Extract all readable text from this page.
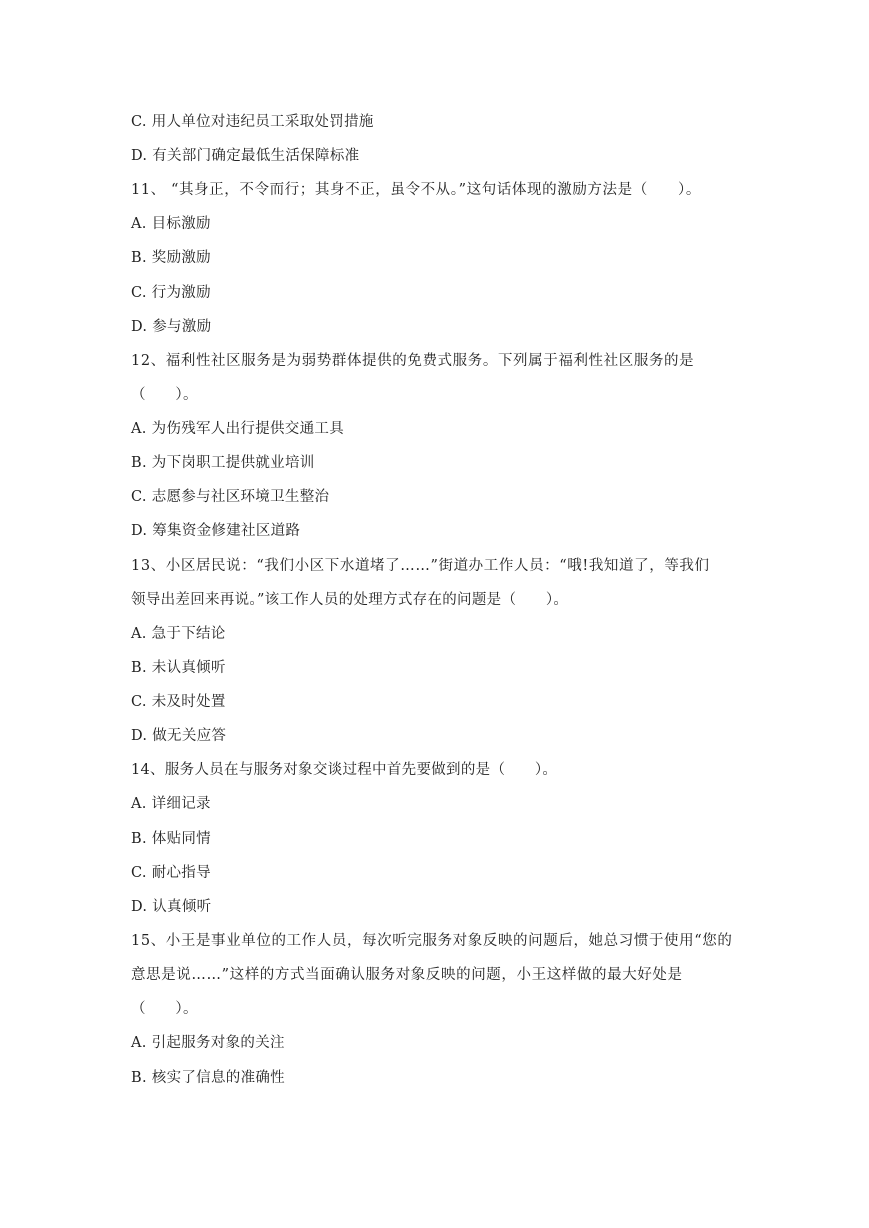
C. 用人单位对违纪员工采取处罚措施
D. 有关部门确定最低生活保障标准
11、 “其身正，不令而行；其身不正，虽令不从。”这句话体现的激励方法是（　　）。
A. 目标激励
B. 奖励激励
C. 行为激励
D. 参与激励
12、福利性社区服务是为弱势群体提供的免费式服务。下列属于福利性社区服务的是
（　　）。
A. 为伤残军人出行提供交通工具
B. 为下岗职工提供就业培训
C. 志愿参与社区环境卫生整治
D. 筹集资金修建社区道路
13、小区居民说：“我们小区下水道堵了……”街道办工作人员：“哦!我知道了，等我们
领导出差回来再说。”该工作人员的处理方式存在的问题是（　　）。
A. 急于下结论
B. 未认真倾听
C. 未及时处置
D. 做无关应答
14、服务人员在与服务对象交谈过程中首先要做到的是（　　）。
A. 详细记录
B. 体贴同情
C. 耐心指导
D. 认真倾听
15、小王是事业单位的工作人员，每次听完服务对象反映的问题后，她总习惯于使用“您的
意思是说……”这样的方式当面确认服务对象反映的问题，小王这样做的最大好处是
（　　）。
A. 引起服务对象的关注
B. 核实了信息的准确性
